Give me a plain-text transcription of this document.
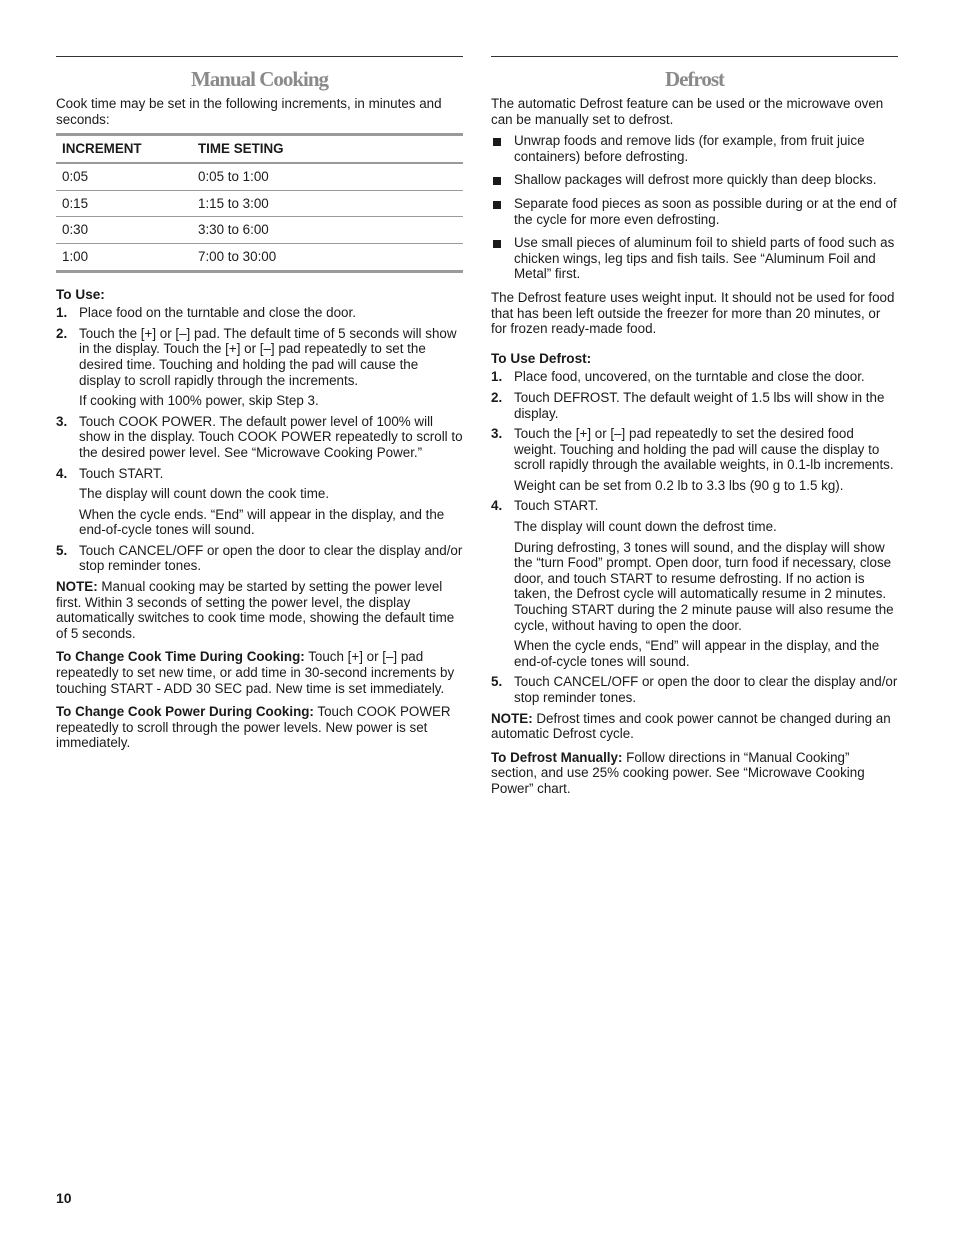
Manual Cooking

Cook time may be set in the following increments, in minutes and seconds:

INCREMENT	TIME SETING
0:05	0:05 to 1:00
0:15	1:15 to 3:00
0:30	3:30 to 6:00
1:00	7:00 to 30:00
To Use:
1. Place food on the turntable and close the door.
2. Touch the [+] or [–] pad. The default time of 5 seconds will show in the display. Touch the [+] or [–] pad repeatedly to set the desired time. Touching and holding the pad will cause the display to scroll rapidly through the increments.
If cooking with 100% power, skip Step 3.
3. Touch COOK POWER. The default power level of 100% will show in the display. Touch COOK POWER repeatedly to scroll to the desired power level. See “Microwave Cooking Power.”
4. Touch START.
The display will count down the cook time.
When the cycle ends. “End” will appear in the display, and the end-of-cycle tones will sound.
5. Touch CANCEL/OFF or open the door to clear the display and/or stop reminder tones.

NOTE: Manual cooking may be started by setting the power level first. Within 3 seconds of setting the power level, the display automatically switches to cook time mode, showing the default time of 5 seconds.

To Change Cook Time During Cooking: Touch [+] or [–] pad repeatedly to set new time, or add time in 30-second increments by touching START - ADD 30 SEC pad. New time is set immediately.

To Change Cook Power During Cooking: Touch COOK POWER repeatedly to scroll through the power levels. New power is set immediately.

Defrost

The automatic Defrost feature can be used or the microwave oven can be manually set to defrost.

Unwrap foods and remove lids (for example, from fruit juice containers) before defrosting.
Shallow packages will defrost more quickly than deep blocks.
Separate food pieces as soon as possible during or at the end of the cycle for more even defrosting.
Use small pieces of aluminum foil to shield parts of food such as chicken wings, leg tips and fish tails. See “Aluminum Foil and Metal” first.

The Defrost feature uses weight input. It should not be used for food that has been left outside the freezer for more than 20 minutes, or for frozen ready-made food.

To Use Defrost:
1. Place food, uncovered, on the turntable and close the door.
2. Touch DEFROST. The default weight of 1.5 lbs will show in the display.
3. Touch the [+] or [–] pad repeatedly to set the desired food weight. Touching and holding the pad will cause the display to scroll rapidly through the available weights, in 0.1-lb increments.
Weight can be set from 0.2 lb to 3.3 lbs (90 g to 1.5 kg).
4. Touch START.
The display will count down the defrost time.
During defrosting, 3 tones will sound, and the display will show the “turn Food” prompt. Open door, turn food if necessary, close door, and touch START to resume defrosting. If no action is taken, the Defrost cycle will automatically resume in 2 minutes. Touching START during the 2 minute pause will also resume the cycle, without having to open the door.
When the cycle ends, “End” will appear in the display, and the end-of-cycle tones will sound.
5. Touch CANCEL/OFF or open the door to clear the display and/or stop reminder tones.

NOTE: Defrost times and cook power cannot be changed during an automatic Defrost cycle.

To Defrost Manually: Follow directions in “Manual Cooking” section, and use 25% cooking power. See “Microwave Cooking Power” chart.

10
